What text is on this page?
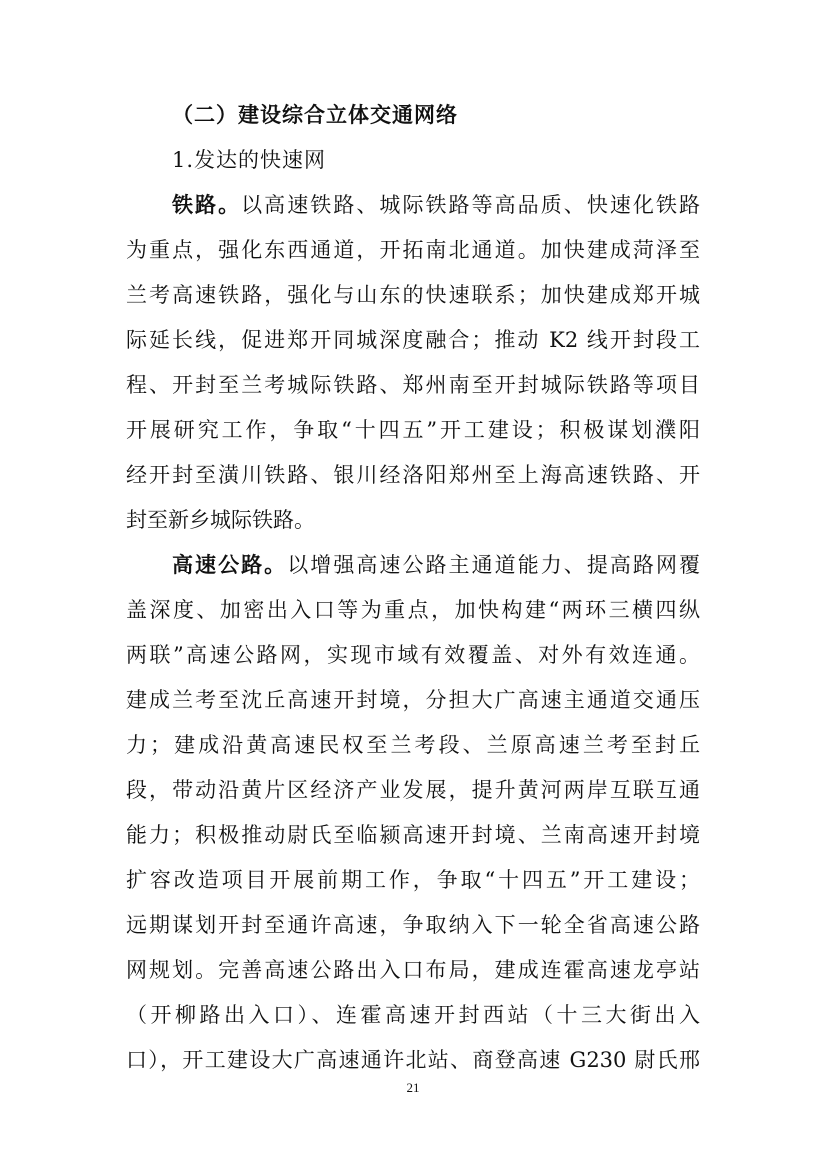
（二）建设综合立体交通网络
1.发达的快速网
铁路。以高速铁路、城际铁路等高品质、快速化铁路
为重点，强化东西通道，开拓南北通道。加快建成菏泽至
兰考高速铁路，强化与山东的快速联系；加快建成郑开城
际延长线，促进郑开同城深度融合；推动 K2 线开封段工
程、开封至兰考城际铁路、郑州南至开封城际铁路等项目
开展研究工作，争取“十四五”开工建设；积极谋划濮阳
经开封至潢川铁路、银川经洛阳郑州至上海高速铁路、开
封至新乡城际铁路。
高速公路。以增强高速公路主通道能力、提高路网覆
盖深度、加密出入口等为重点，加快构建“两环三横四纵
两联”高速公路网，实现市域有效覆盖、对外有效连通。
建成兰考至沈丘高速开封境，分担大广高速主通道交通压
力；建成沿黄高速民权至兰考段、兰原高速兰考至封丘
段，带动沿黄片区经济产业发展，提升黄河两岸互联互通
能力；积极推动尉氏至临颍高速开封境、兰南高速开封境
扩容改造项目开展前期工作，争取“十四五”开工建设；
远期谋划开封至通许高速，争取纳入下一轮全省高速公路
网规划。完善高速公路出入口布局，建成连霍高速龙亭站
（开柳路出入口）、连霍高速开封西站（十三大街出入
口），开工建设大广高速通许北站、商登高速 G230 尉氏邢
21
